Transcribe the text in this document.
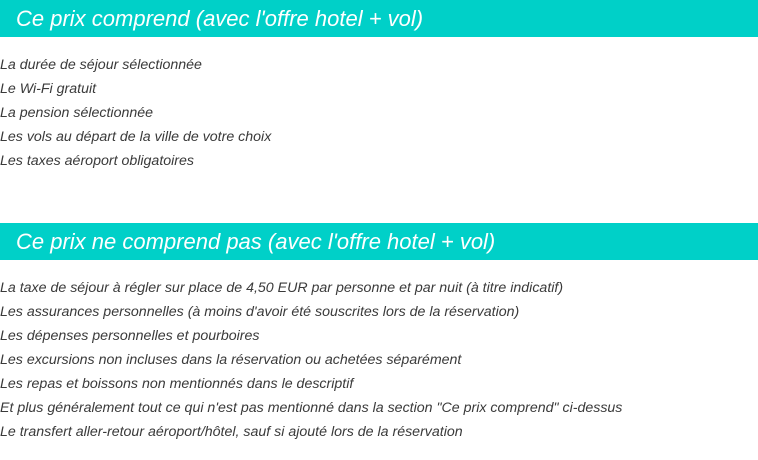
Ce prix comprend (avec l'offre hotel + vol)
La durée de séjour sélectionnée
Le Wi-Fi gratuit
La pension sélectionnée
Les vols au départ de la ville de votre choix
Les taxes aéroport obligatoires
Ce prix ne comprend pas (avec l'offre hotel + vol)
La taxe de séjour à régler sur place de 4,50 EUR par personne et par nuit (à titre indicatif)
Les assurances personnelles (à moins d'avoir été souscrites lors de la réservation)
Les dépenses personnelles et pourboires
Les excursions non incluses dans la réservation ou achetées séparément
Les repas et boissons non mentionnés dans le descriptif
Et plus généralement tout ce qui n'est pas mentionné dans la section "Ce prix comprend" ci-dessus
Le transfert aller-retour aéroport/hôtel, sauf si ajouté lors de la réservation
